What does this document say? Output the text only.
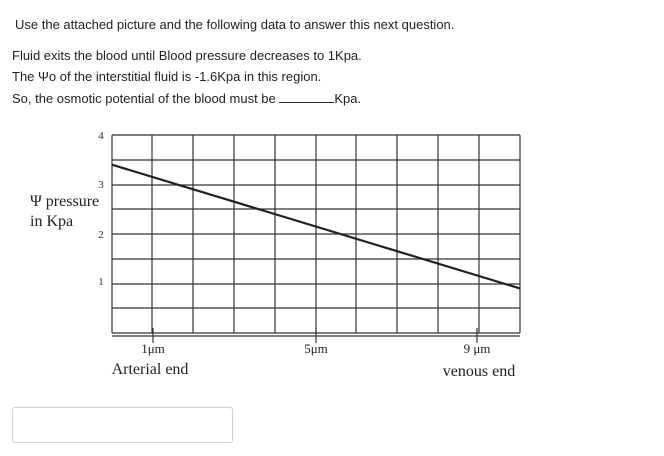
Use the attached picture and the following data to answer this next question.
Fluid exits the blood until Blood pressure decreases to 1Kpa.
The Ψo of the interstitial fluid is -1.6Kpa in this region.
So, the osmotic potential of the blood must be	Kpa.
4
3
2
1
1μm	5μm	9 μm
Arterial end	venous end
Ψ pressure
in Kpa
